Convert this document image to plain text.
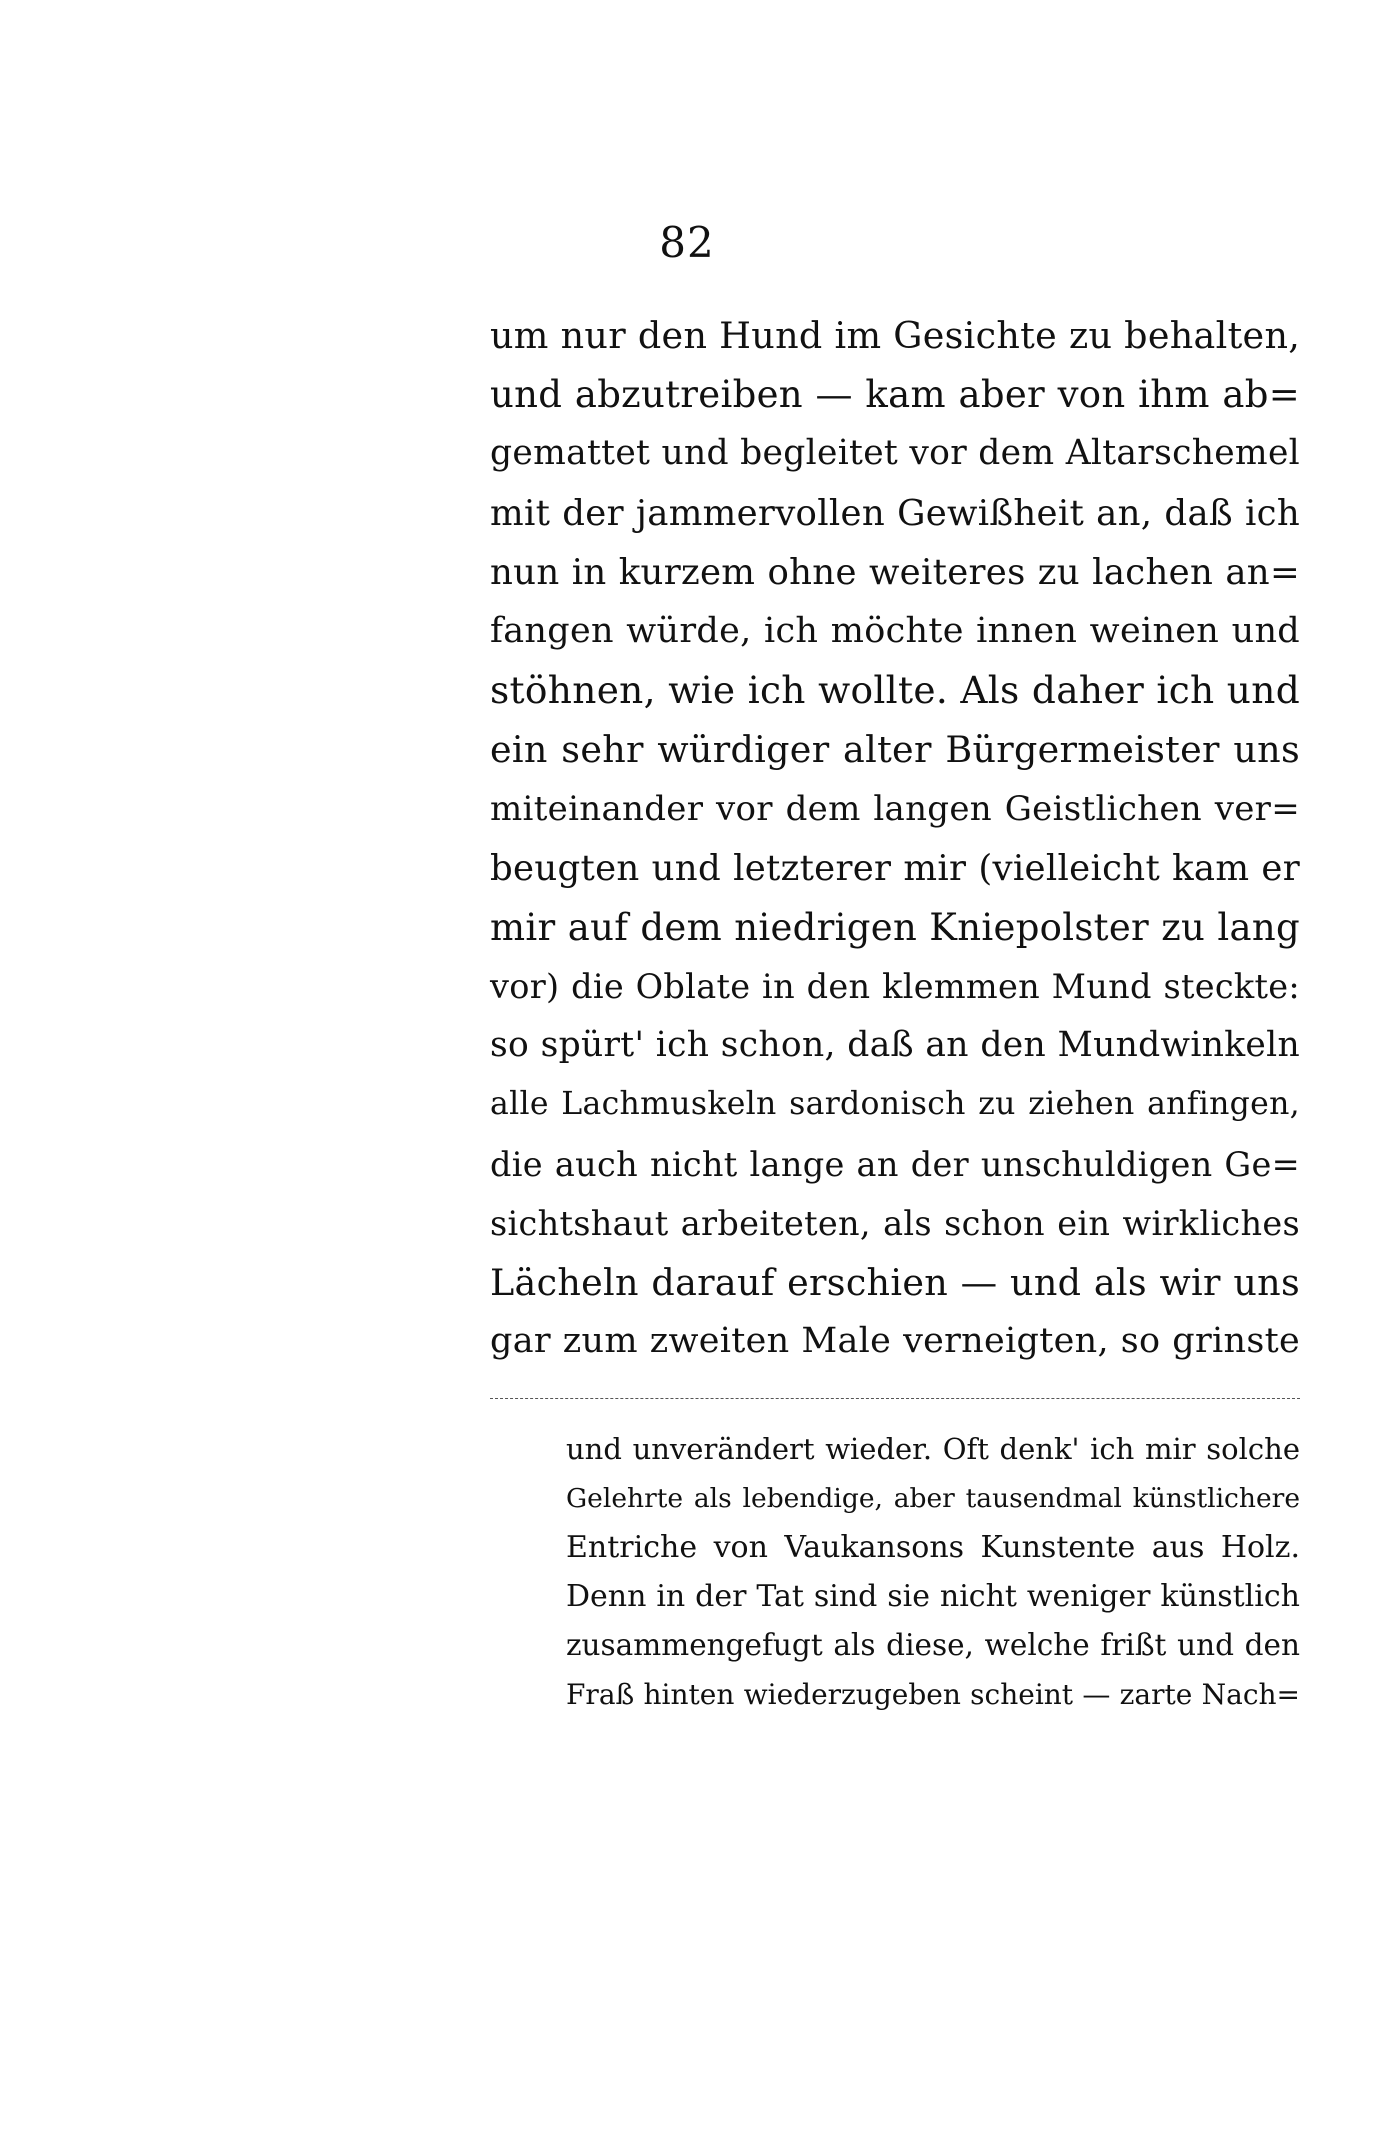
82
um nur den Hund im Gesichte zu behalten,
und abzutreiben — kam aber von ihm ab=
gemattet und begleitet vor dem Altarschemel
mit der jammervollen Gewißheit an, daß ich
nun in kurzem ohne weiteres zu lachen an=
fangen würde, ich möchte innen weinen und
stöhnen, wie ich wollte. Als daher ich und
ein sehr würdiger alter Bürgermeister uns
miteinander vor dem langen Geistlichen ver=
beugten und letzterer mir (vielleicht kam er
mir auf dem niedrigen Kniepolster zu lang
vor) die Oblate in den klemmen Mund steckte:
so spürt' ich schon, daß an den Mundwinkeln
alle Lachmuskeln sardonisch zu ziehen anfingen,
die auch nicht lange an der unschuldigen Ge=
sichtshaut arbeiteten, als schon ein wirkliches
Lächeln darauf erschien — und als wir uns
gar zum zweiten Male verneigten, so grinste
und unverändert wieder. Oft denk' ich mir solche
Gelehrte als lebendige, aber tausendmal künstlichere
Entriche von Vaukansons Kunstente aus Holz.
Denn in der Tat sind sie nicht weniger künstlich
zusammengefugt als diese, welche frißt und den
Fraß hinten wiederzugeben scheint — zarte Nach=
